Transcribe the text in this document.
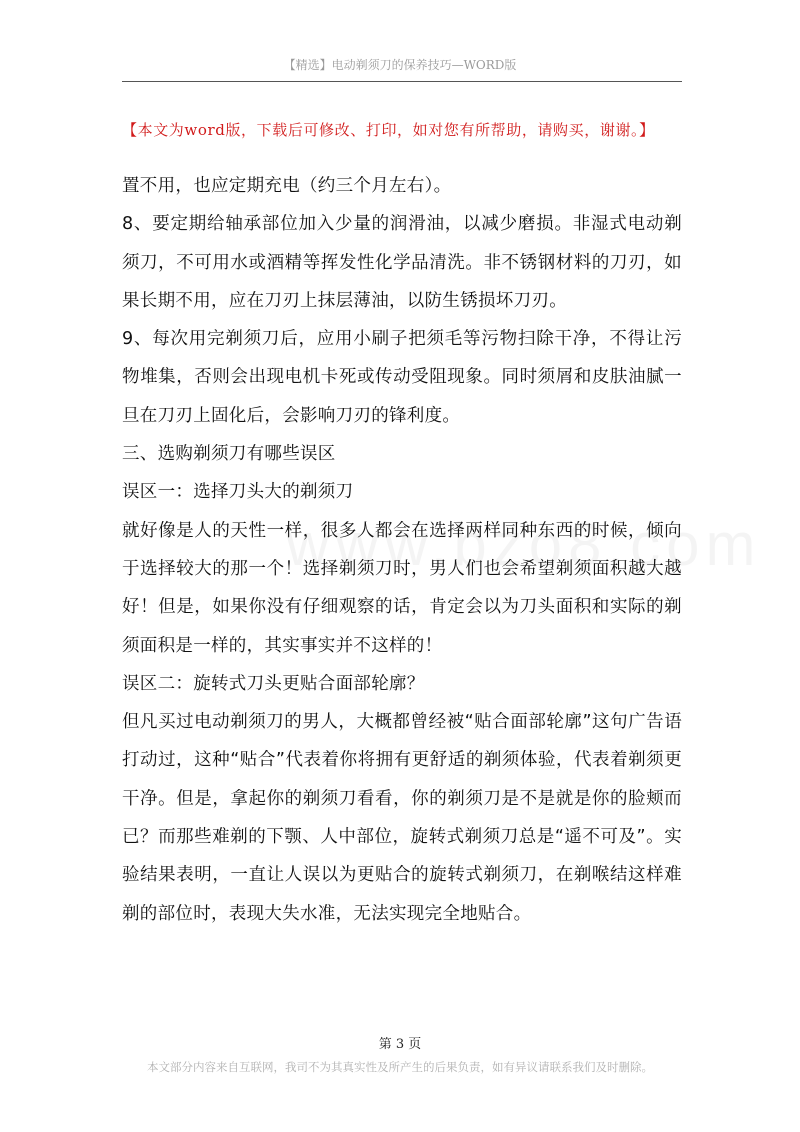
【精选】电动剃须刀的保养技巧—WORD版
【本文为word版，下载后可修改、打印，如对您有所帮助，请购买，谢谢。】

置不用，也应定期充电（约三个月左右）。

8、要定期给轴承部位加入少量的润滑油，以减少磨损。非湿式电动剃须刀，不可用水或酒精等挥发性化学品清洗。非不锈钢材料的刀刃，如果长期不用，应在刀刃上抹层薄油，以防生锈损坏刀刃。

9、每次用完剃须刀后，应用小刷子把须毛等污物扫除干净，不得让污物堆集，否则会出现电机卡死或传动受阻现象。同时须屑和皮肤油腻一旦在刀刃上固化后，会影响刀刃的锋利度。

三、选购剃须刀有哪些误区

误区一：选择刀头大的剃须刀

就好像是人的天性一样，很多人都会在选择两样同种东西的时候，倾向于选择较大的那一个！选择剃须刀时，男人们也会希望剃须面积越大越好！但是，如果你没有仔细观察的话，肯定会以为刀头面积和实际的剃须面积是一样的，其实事实并不这样的！

误区二：旋转式刀头更贴合面部轮廓？

但凡买过电动剃须刀的男人，大概都曾经被“贴合面部轮廓”这句广告语打动过，这种“贴合”代表着你将拥有更舒适的剃须体验，代表着剃须更干净。但是，拿起你的剃须刀看看，你的剃须刀是不是就是你的脸颊而已？而那些难剃的下颚、人中部位，旋转式剃须刀总是“遥不可及”。实验结果表明，一直让人误以为更贴合的旋转式剃须刀，在剃喉结这样难剃的部位时，表现大失水准，无法实现完全地贴合。

第 3 页
本文部分内容来自互联网，我司不为其真实性及所产生的后果负责，如有异议请联系我们及时删除。
